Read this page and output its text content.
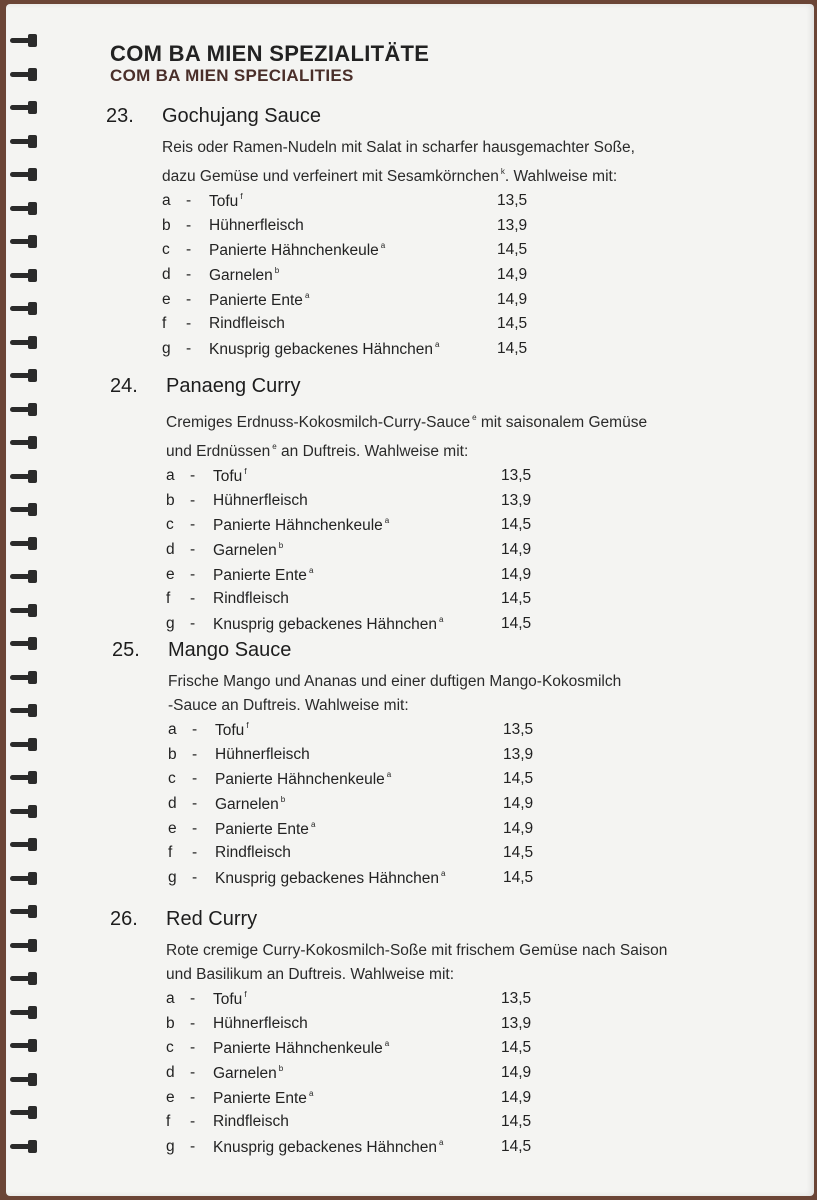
COM BA MIEN SPEZIALITÄTE
COM BA MIEN SPECIALITIES
23. Gochujang Sauce
Reis oder Ramen-Nudeln mit Salat in scharfer hausgemachter Soße,
dazu Gemüse und verfeinert mit Sesamkörnchen $^k$. Wahlweise mit:
a - Tofu $^f$	13,5
b - Hühnerfleisch	13,9
c	- Panierte Hähnchenkeule $^a$	14,5
d - Garnelen $^b$	14,9
e - Panierte Ente $^a$	14,9
f	- Rindfleisch	14,5
g - Knusprig gebackenes Hähnchen $^a$	14,5
24. Panaeng Curry
Cremiges Erdnuss-Kokosmilch-Curry-Sauce $^e$ mit saisonalem Gemüse
und Erdnüssen $^e$ an Duftreis. Wahlweise mit:
a - Tofu $^f$	13,5
b - Hühnerfleisch	13,9
c	- Panierte Hähnchenkeule $^a$	14,5
d - Garnelen $^b$	14,9
e - Panierte Ente $^a$	14,9
f	- Rindfleisch	14,5
g - Knusprig gebackenes Hähnchen $^a$	14,5
25. Mango Sauce
Frische Mango und Ananas und einer duftigen Mango-Kokosmilch
-Sauce an Duftreis. Wahlweise mit:
a - Tofu $^f$	13,5
b - Hühnerfleisch	13,9
c	- Panierte Hähnchenkeule $^a$	14,5
d - Garnelen $^b$	14,9
e - Panierte Ente $^a$	14,9
f	- Rindfleisch	14,5
g - Knusprig gebackenes Hähnchen $^a$	14,5
26. Red Curry
Rote cremige Curry-Kokosmilch-Soße mit frischem Gemüse nach Saison
und Basilikum an Duftreis. Wahlweise mit:
a - Tofu $^f$	13,5
b - Hühnerfleisch	13,9
c	- Panierte Hähnchenkeule $^a$	14,5
d - Garnelen $^b$	14,9
e - Panierte Ente $^a$	14,9
f	- Rindfleisch	14,5
g - Knusprig gebackenes Hähnchen $^a$	14,5
